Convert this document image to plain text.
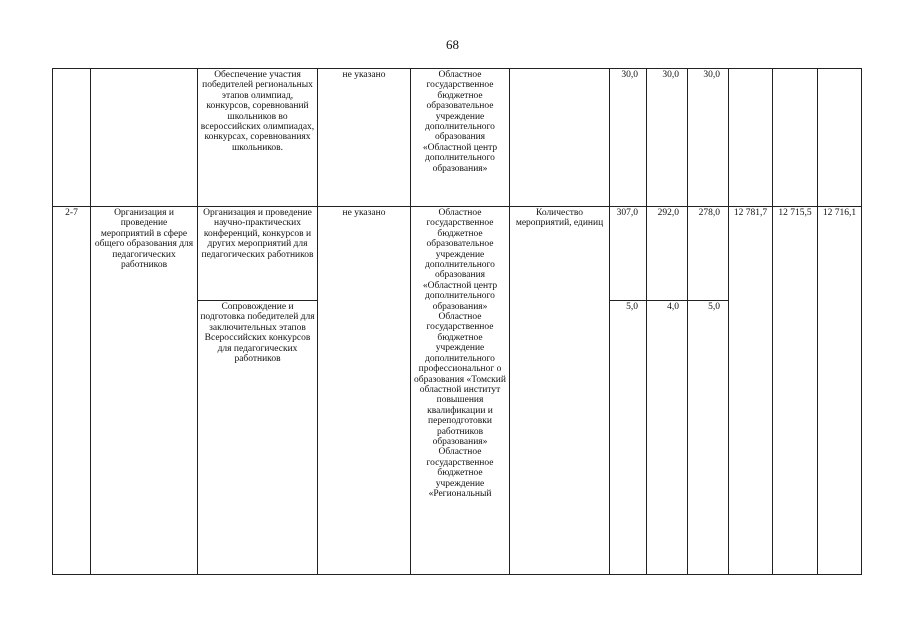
68
		Обеспечение участия победителей региональных этапов олимпиад, конкурсов, соревнований школьников во всероссийских олимпиадах, конкурсах, соревнованиях школьников.	не указано	Областное государственное бюджетное образовательное учреждение дополнительного образования «Областной центр дополнительного образования»		30,0	30,0	30,0			
2-7	Организация и проведение мероприятий в сфере общего образования для педагогических работников	Организация и проведение научно-практических конференций, конкурсов и других мероприятий для педагогических работников	не указано	Областное государственное бюджетное образовательное учреждение дополнительного образования «Областной центр дополнительного образования» Областное государственное бюджетное учреждение дополнительного профессиональног о образования «Томский областной институт повышения квалификации и переподготовки работников образования» Областное государственное бюджетное учреждение «Региональный	Количество мероприятий, единиц	307,0	292,0	278,0	12 781,7	12 715,5	12 716,1
		Сопровождение и подготовка победителей для заключительных этапов Всероссийских конкурсов для педагогических работников				5,0	4,0	5,0			
